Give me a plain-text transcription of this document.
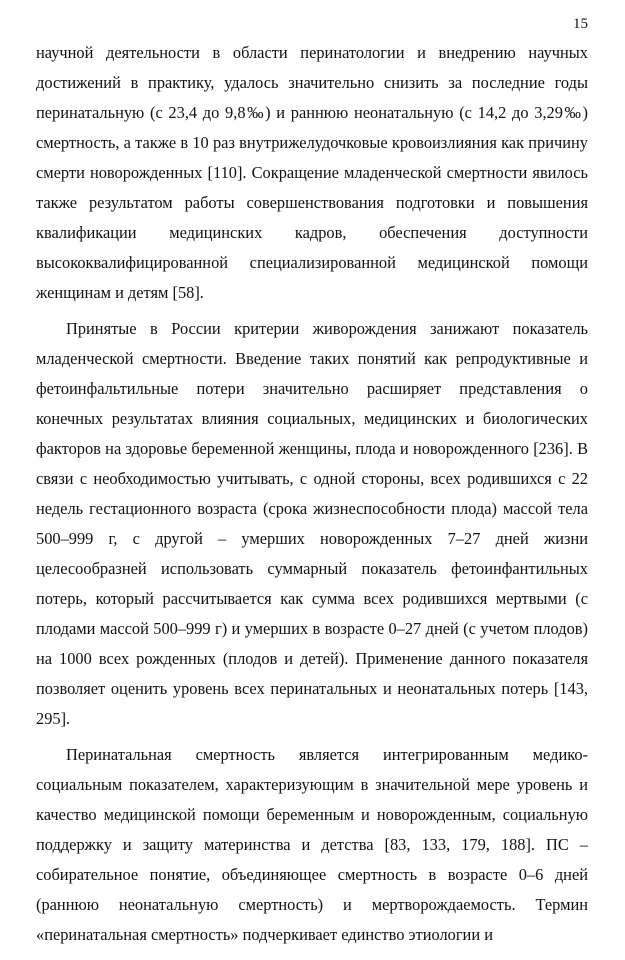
15

научной деятельности в области перинатологии и внедрению научных достижений в практику, удалось значительно снизить за последние годы перинатальную (с 23,4 до 9,8‰) и раннюю неонатальную (с 14,2 до 3,29‰) смертность, а также в 10 раз внутрижелудочковые кровоизлияния как причину смерти новорожденных [110]. Сокращение младенческой смертности явилось также результатом работы совершенствования подготовки и повышения квалификации медицинских кадров, обеспечения доступности высококвалифицированной специализированной медицинской помощи женщинам и детям [58].

Принятые в России критерии живорождения занижают показатель младенческой смертности. Введение таких понятий как репродуктивные и фетоинфальтильные потери значительно расширяет представления о конечных результатах влияния социальных, медицинских и биологических факторов на здоровье беременной женщины, плода и новорожденного [236]. В связи с необходимостью учитывать, с одной стороны, всех родившихся с 22 недель гестационного возраста (срока жизнеспособности плода) массой тела 500–999 г, с другой – умерших новорожденных 7–27 дней жизни целесообразней использовать суммарный показатель фетоинфантильных потерь, который рассчитывается как сумма всех родившихся мертвыми (с плодами массой 500–999 г) и умерших в возрасте 0–27 дней (с учетом плодов) на 1000 всех рожденных (плодов и детей). Применение данного показателя позволяет оценить уровень всех перинатальных и неонатальных потерь [143, 295].

Перинатальная смертность является интегрированным медико-социальным показателем, характеризующим в значительной мере уровень и качество медицинской помощи беременным и новорожденным, социальную поддержку и защиту материнства и детства [83, 133, 179, 188]. ПС – собирательное понятие, объединяющее смертность в возрасте 0–6 дней (раннюю неонатальную смертность) и мертворождаемость. Термин «перинатальная смертность» подчеркивает единство этиологии и
